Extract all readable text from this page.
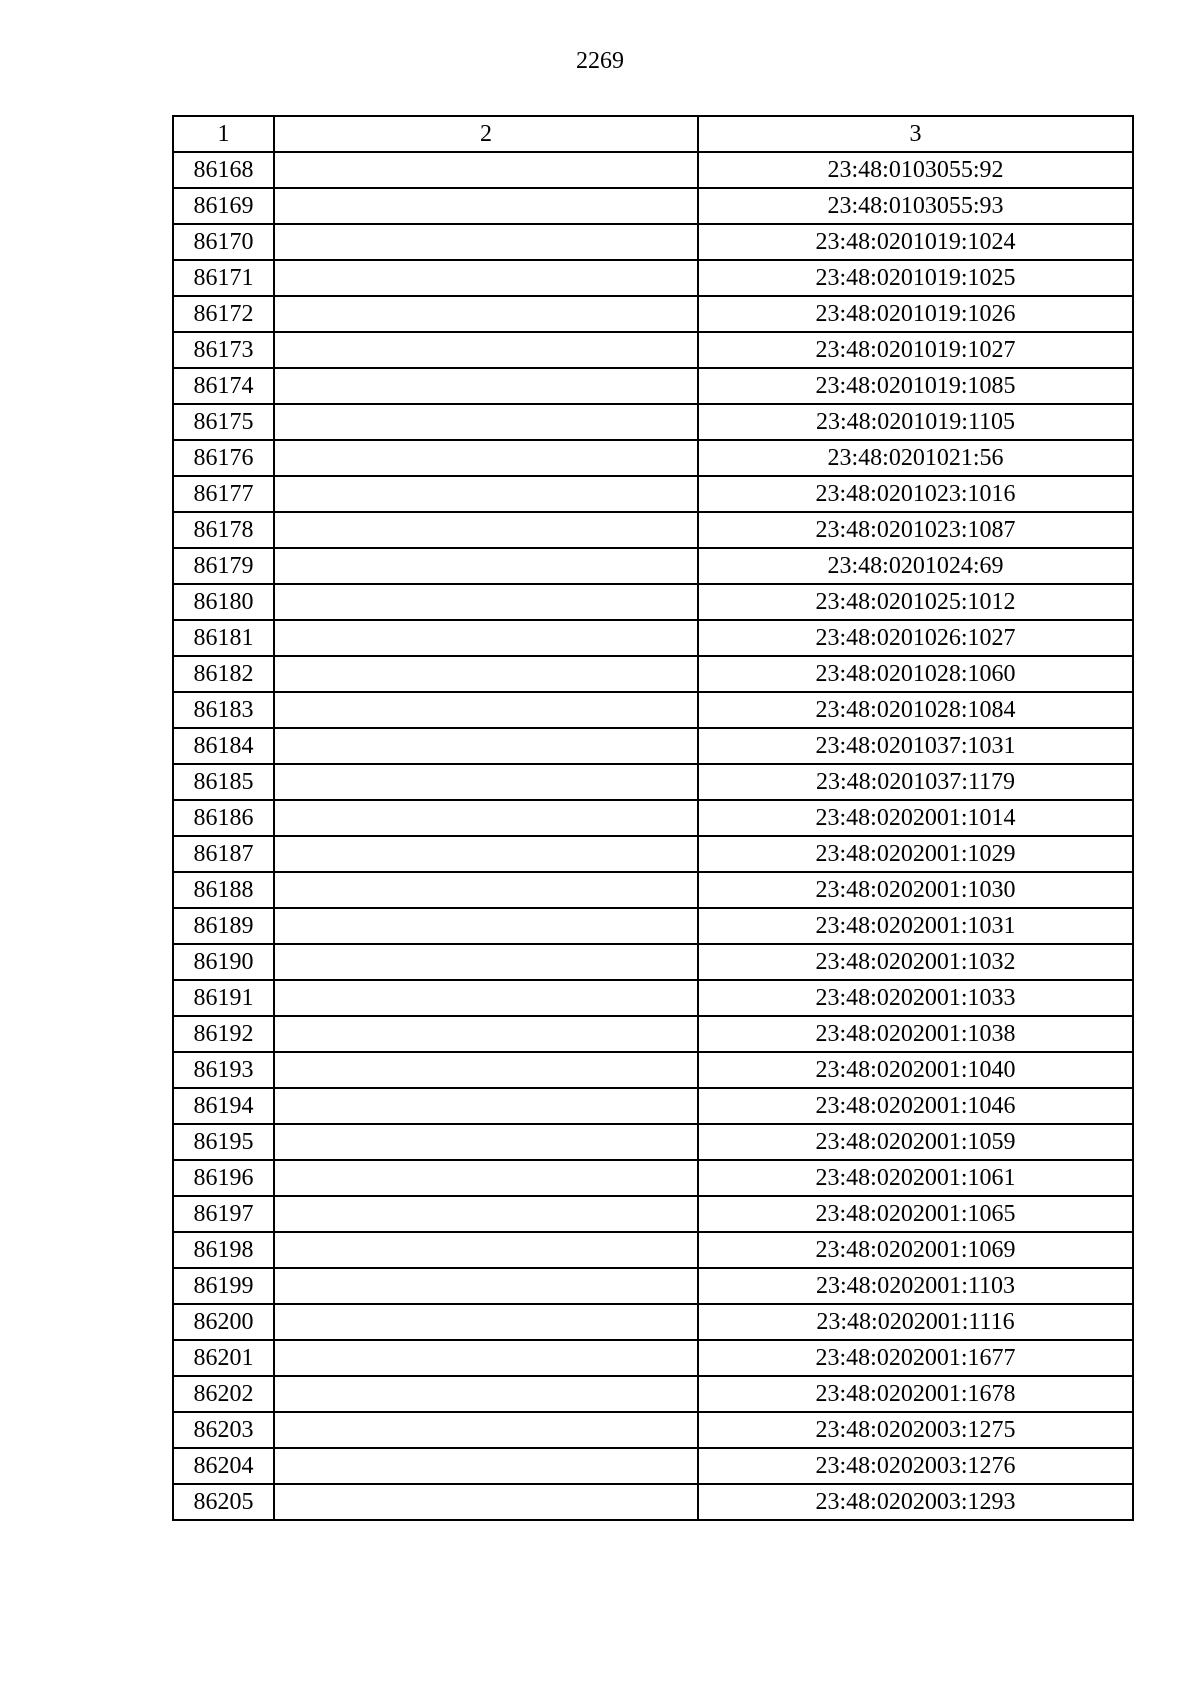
2269
1	2	3
86168		23:48:0103055:92
86169		23:48:0103055:93
86170		23:48:0201019:1024
86171		23:48:0201019:1025
86172		23:48:0201019:1026
86173		23:48:0201019:1027
86174		23:48:0201019:1085
86175		23:48:0201019:1105
86176		23:48:0201021:56
86177		23:48:0201023:1016
86178		23:48:0201023:1087
86179		23:48:0201024:69
86180		23:48:0201025:1012
86181		23:48:0201026:1027
86182		23:48:0201028:1060
86183		23:48:0201028:1084
86184		23:48:0201037:1031
86185		23:48:0201037:1179
86186		23:48:0202001:1014
86187		23:48:0202001:1029
86188		23:48:0202001:1030
86189		23:48:0202001:1031
86190		23:48:0202001:1032
86191		23:48:0202001:1033
86192		23:48:0202001:1038
86193		23:48:0202001:1040
86194		23:48:0202001:1046
86195		23:48:0202001:1059
86196		23:48:0202001:1061
86197		23:48:0202001:1065
86198		23:48:0202001:1069
86199		23:48:0202001:1103
86200		23:48:0202001:1116
86201		23:48:0202001:1677
86202		23:48:0202001:1678
86203		23:48:0202003:1275
86204		23:48:0202003:1276
86205		23:48:0202003:1293
